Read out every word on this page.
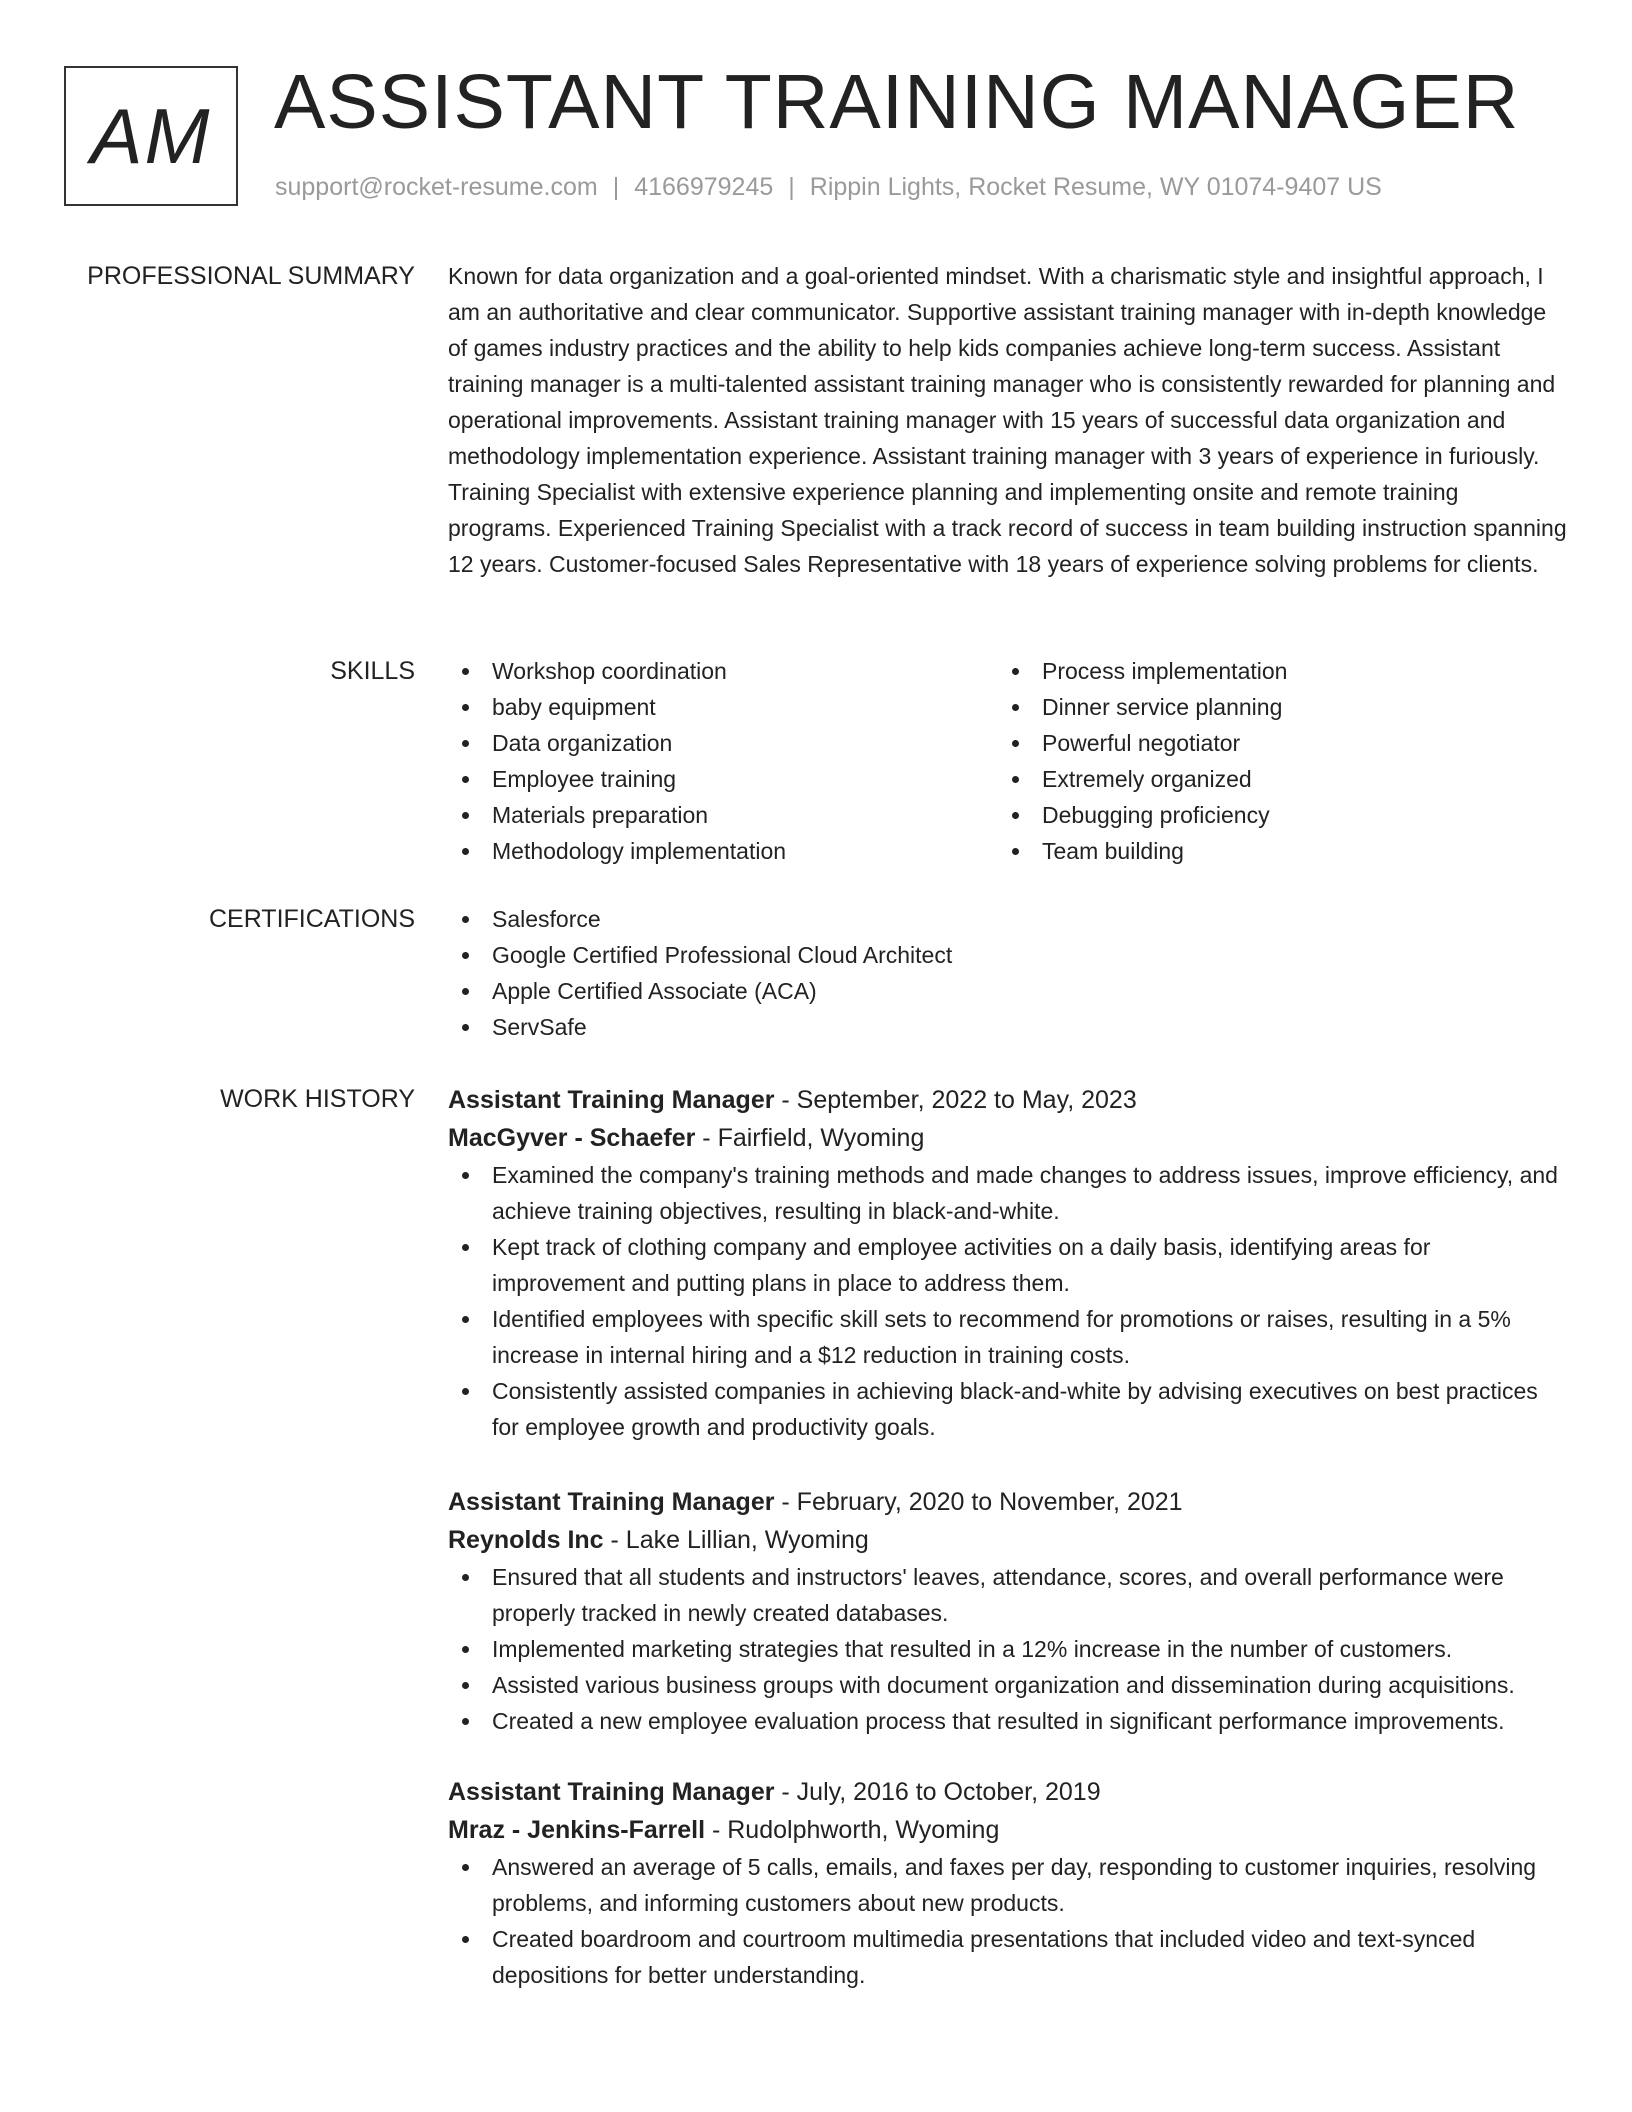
AM ASSISTANT TRAINING MANAGER
support@rocket-resume.com | 4166979245 | Rippin Lights, Rocket Resume, WY 01074-9407 US
PROFESSIONAL SUMMARY Known for data organization and a goal-oriented mindset. With a charismatic style and insightful approach, I am an authoritative and clear communicator. Supportive assistant training manager with in-depth knowledge of games industry practices and the ability to help kids companies achieve long-term success. Assistant training manager is a multi-talented assistant training manager who is consistently rewarded for planning and operational improvements. Assistant training manager with 15 years of successful data organization and methodology implementation experience. Assistant training manager with 3 years of experience in furiously. Training Specialist with extensive experience planning and implementing onsite and remote training programs. Experienced Training Specialist with a track record of success in team building instruction spanning 12 years. Customer-focused Sales Representative with 18 years of experience solving problems for clients.

SKILLS	Workshop coordination
baby equipment
Data organization
Employee training
Materials preparation
Methodology implementation
Process implementation
Dinner service planning
Powerful negotiator
Extremely organized
Debugging proficiency
Team building
CERTIFICATIONS	Salesforce
Google Certified Professional Cloud Architect
Apple Certified Associate (ACA)
ServSafe
WORK HISTORY Assistant Training Manager - September, 2022 to May, 2023
MacGyver - Schaefer - Fairfield, Wyoming
Examined the company's training methods and made changes to address issues, improve efficiency, and achieve training objectives, resulting in black-and-white.
Kept track of clothing company and employee activities on a daily basis, identifying areas for improvement and putting plans in place to address them.
Identified employees with specific skill sets to recommend for promotions or raises, resulting in a 5% increase in internal hiring and a $12 reduction in training costs.
Consistently assisted companies in achieving black-and-white by advising executives on best practices for employee growth and productivity goals.
Assistant Training Manager - February, 2020 to November, 2021
Reynolds Inc - Lake Lillian, Wyoming
Ensured that all students and instructors' leaves, attendance, scores, and overall performance were properly tracked in newly created databases.
Implemented marketing strategies that resulted in a 12% increase in the number of customers.
Assisted various business groups with document organization and dissemination during acquisitions.
Created a new employee evaluation process that resulted in significant performance improvements.
Assistant Training Manager - July, 2016 to October, 2019
Mraz - Jenkins-Farrell - Rudolphworth, Wyoming
Answered an average of 5 calls, emails, and faxes per day, responding to customer inquiries, resolving problems, and informing customers about new products.
Created boardroom and courtroom multimedia presentations that included video and text-synced depositions for better understanding.
